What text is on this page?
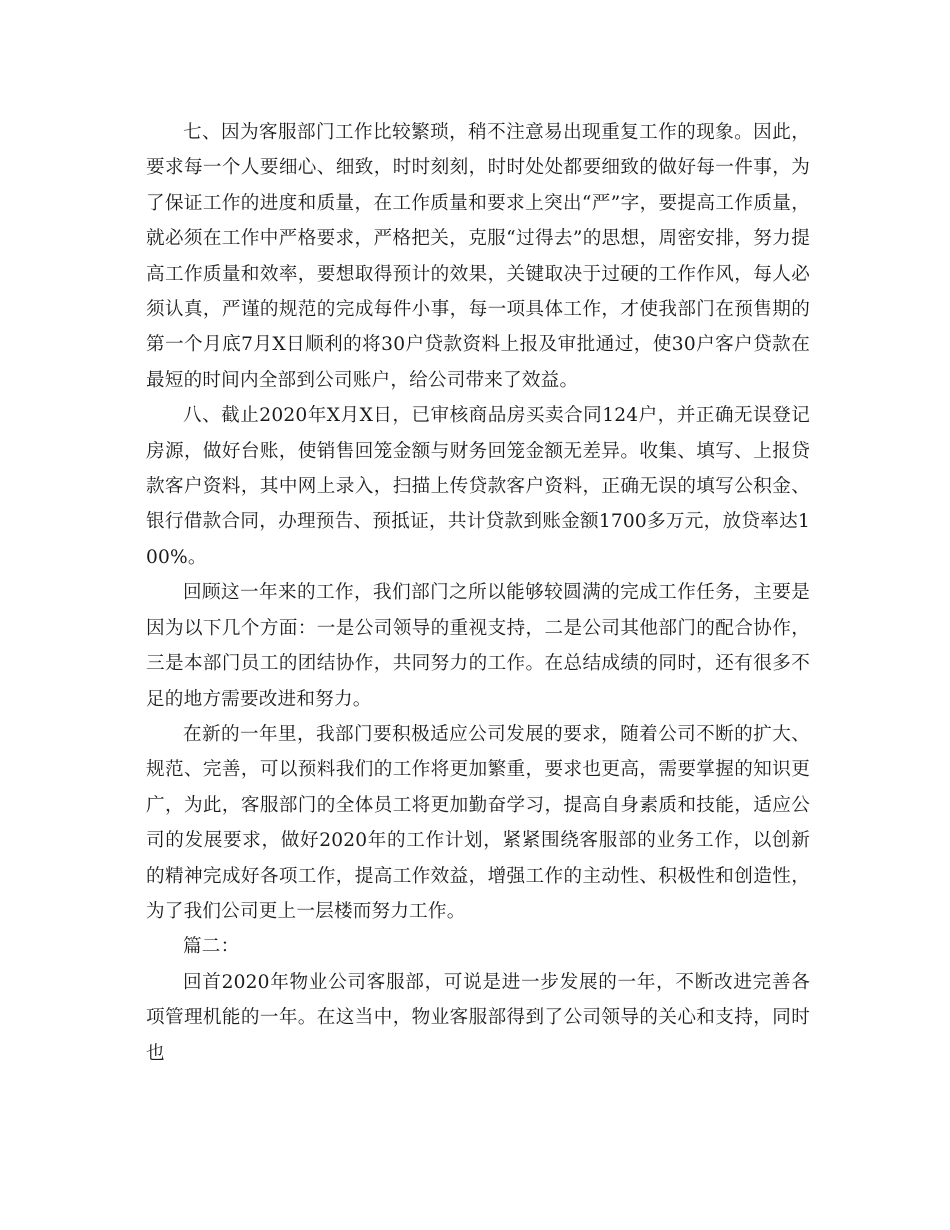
七、因为客服部门工作比较繁琐，稍不注意易出现重复工作的现象。因此，要求每一个人要细心、细致，时时刻刻，时时处处都要细致的做好每一件事，为了保证工作的进度和质量，在工作质量和要求上突出“严”字，要提高工作质量，就必须在工作中严格要求，严格把关，克服“过得去”的思想，周密安排，努力提高工作质量和效率，要想取得预计的效果，关键取决于过硬的工作作风，每人必须认真，严谨的规范的完成每件小事，每一项具体工作，才使我部门在预售期的第一个月底7月X日顺利的将30户贷款资料上报及审批通过，使30户客户贷款在最短的时间内全部到公司账户，给公司带来了效益。

八、截止2020年X月X日，已审核商品房买卖合同124户，并正确无误登记房源，做好台账，使销售回笼金额与财务回笼金额无差异。收集、填写、上报贷款客户资料，其中网上录入，扫描上传贷款客户资料，正确无误的填写公积金、银行借款合同，办理预告、预抵证，共计贷款到账金额1700多万元，放贷率达100%。

回顾这一年来的工作，我们部门之所以能够较圆满的完成工作任务，主要是因为以下几个方面：一是公司领导的重视支持，二是公司其他部门的配合协作，三是本部门员工的团结协作，共同努力的工作。在总结成绩的同时，还有很多不足的地方需要改进和努力。

在新的一年里，我部门要积极适应公司发展的要求，随着公司不断的扩大、规范、完善，可以预料我们的工作将更加繁重，要求也更高，需要掌握的知识更广，为此，客服部门的全体员工将更加勤奋学习，提高自身素质和技能，适应公司的发展要求，做好2020年的工作计划，紧紧围绕客服部的业务工作，以创新的精神完成好各项工作，提高工作效益，增强工作的主动性、积极性和创造性，为了我们公司更上一层楼而努力工作。

篇二：

回首2020年物业公司客服部，可说是进一步发展的一年，不断改进完善各项管理机能的一年。在这当中，物业客服部得到了公司领导的关心和支持，同时也
